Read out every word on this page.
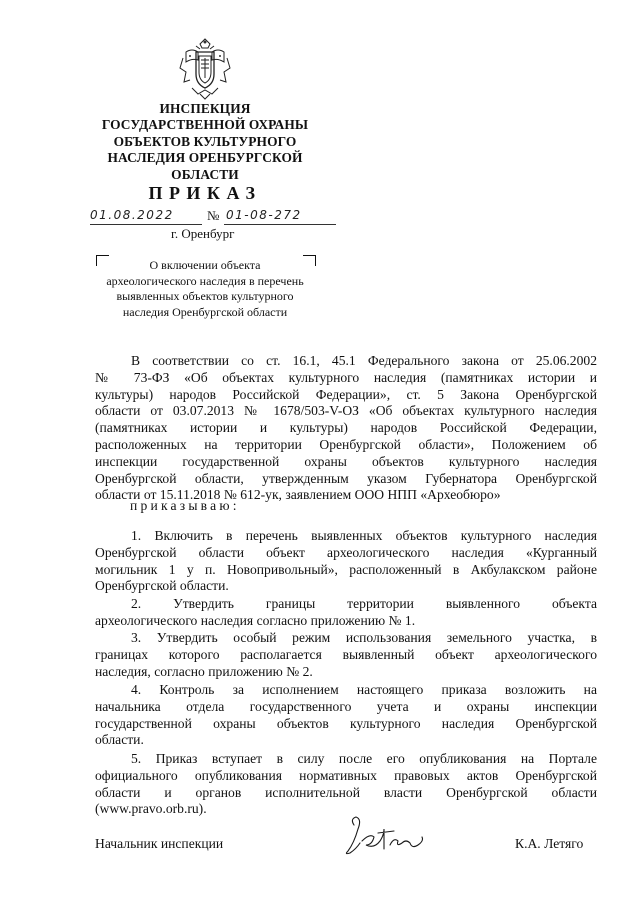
ИНСПЕКЦИЯ
ГОСУДАРСТВЕННОЙ ОХРАНЫ
ОБЪЕКТОВ КУЛЬТУРНОГО
НАСЛЕДИЯ ОРЕНБУРГСКОЙ
ОБЛАСТИ
ПРИКАЗ
01.08.2022	№ 01-08-272
г. Оренбург
О включении объекта
археологического наследия в перечень
выявленных объектов культурного
наследия Оренбургской области
В соответствии со ст. 16.1, 45.1 Федерального закона от 25.06.2002
№ 73-ФЗ «Об объектах культурного наследия (памятниках истории и
культуры) народов Российской Федерации», ст. 5 Закона Оренбургской
области от 03.07.2013 № 1678/503-V-ОЗ «Об объектах культурного наследия
(памятниках истории и культуры) народов Российской Федерации,
расположенных на территории Оренбургской области», Положением об
инспекции государственной охраны объектов культурного наследия
Оренбургской области, утвержденным указом Губернатора Оренбургской
области от 15.11.2018 № 612-ук, заявлением ООО НПП «Археобюро»
приказываю:
1. Включить в перечень выявленных объектов культурного наследия
Оренбургской области объект археологического наследия «Курганный
могильник 1 у п. Новопривольный», расположенный в Акбулакском районе
Оренбургской области.
2. Утвердить границы территории выявленного объекта
археологического наследия согласно приложению № 1.
3. Утвердить особый режим использования земельного участка, в
границах которого располагается выявленный объект археологического
наследия, согласно приложению № 2.
4. Контроль за исполнением настоящего приказа возложить на
начальника отдела государственного учета и охраны инспекции
государственной охраны объектов культурного наследия Оренбургской
области.
5. Приказ вступает в силу после его опубликования на Портале
официального опубликования нормативных правовых актов Оренбургской
области и органов исполнительной власти Оренбургской области
(www.pravo.orb.ru).
Начальник инспекции	К.А. Летяго
